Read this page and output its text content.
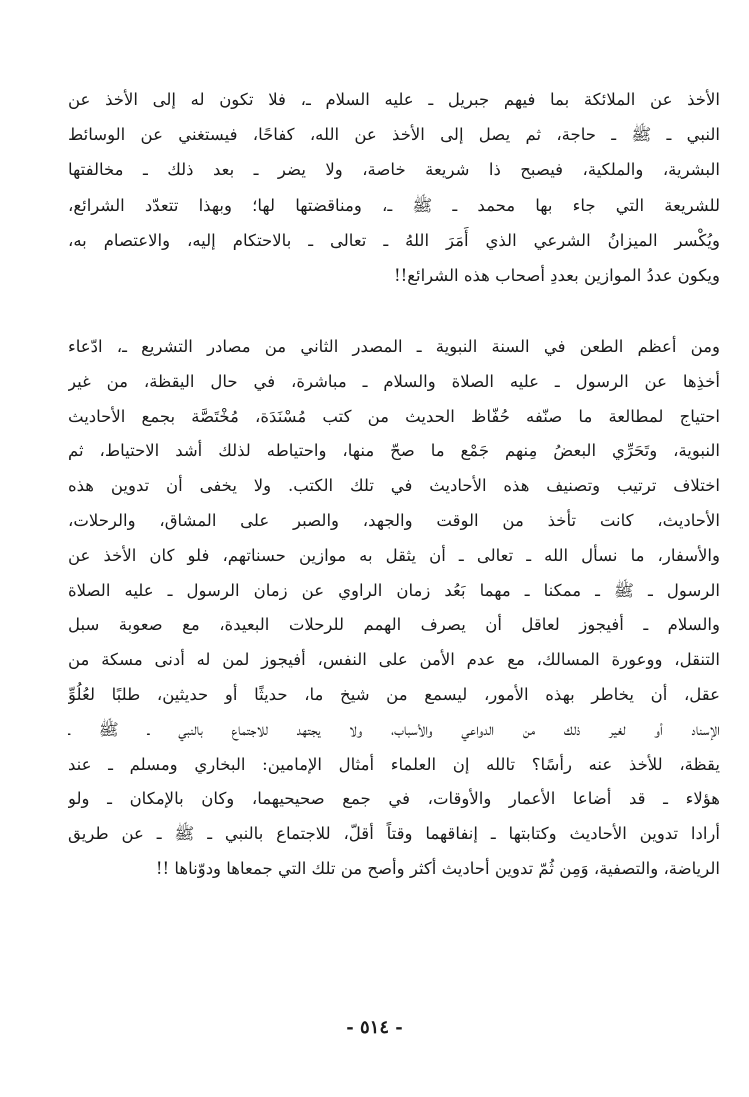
الأخذ عن الملائكة بما فيهم جبريل ـ عليه السلام ـ، فلا تكون له إلى الأخذ عن
النبي ـ ﷺ ـ حاجة، ثم يصل إلى الأخذ عن الله، كفاحًا، فيستغني عن الوسائط
البشرية، والملكية، فيصبح ذا شريعة خاصة، ولا يضر ـ بعد ذلك ـ مخالفتها
للشريعة التي جاء بها محمد ـ ﷺ ـ، ومناقضتها لها؛ وبهذا تتعدّد الشرائع،
ويُكْسر الميزانُ الشرعي الذي أَمَرَ اللهُ ـ تعالى ـ بالاحتكام إليه، والاعتصام به،
ويكون عددُ الموازين بعددِ أصحاب هذه الشرائع!!
ومن أعظم الطعن في السنة النبوية ـ المصدر الثاني من مصادر التشريع ـ، ادّعاء
أخذِها عن الرسول ـ عليه الصلاة والسلام ـ مباشرة، في حال اليقظة، من غير
احتياج لمطالعة ما صنّفه حُفّاظ الحديث من كتب مُسْنَدَة، مُخْتَصَّة بجمع الأحاديث
النبوية، وتَحَرِّي البعضُ مِنهم جَمْع ما صحّ منها، واحتياطه لذلك أشد الاحتياط، ثم
اختلاف ترتيب وتصنيف هذه الأحاديث في تلك الكتب. ولا يخفى أن تدوين هذه
الأحاديث، كانت تأخذ من الوقت والجهد، والصبر على المشاق، والرحلات،
والأسفار، ما نسأل الله ـ تعالى ـ أن يثقل به موازين حسناتهم، فلو كان الأخذ عن
الرسول ـ ﷺ ـ ممكنا ـ مهما بَعُد زمان الراوي عن زمان الرسول ـ عليه الصلاة
والسلام ـ أفيجوز لعاقل أن يصرف الهمم للرحلات البعيدة، مع صعوبة سبل
التنقل، ووعورة المسالك، مع عدم الأمن على النفس، أفيجوز لمن له أدنى مسكة من
عقل، أن يخاطر بهذه الأمور، ليسمع من شيخ ما، حديثًا أو حديثين، طلبًا لعُلُوِّ
الإسناد أو لغير ذلك من الدواعي والأسباب، ولا يجتهد للاجتماع بالنبي ـ ﷺ ـ
يقظة، للأخذ عنه رأسًا؟ تالله إن العلماء أمثال الإمامين: البخاري ومسلم ـ عند
هؤلاء ـ قد أضاعا الأعمار والأوقات، في جمع صحيحيهما، وكان بالإمكان ـ ولو
أرادا تدوين الأحاديث وكتابتها ـ إنفاقهما وقتاً أقلّ، للاجتماع بالنبي ـ ﷺ ـ عن طريق
الرياضة، والتصفية، وَمِن ثُمّ تدوين أحاديث أكثر وأصح من تلك التي جمعاها ودوّناها !!
- ٥١٤ -
